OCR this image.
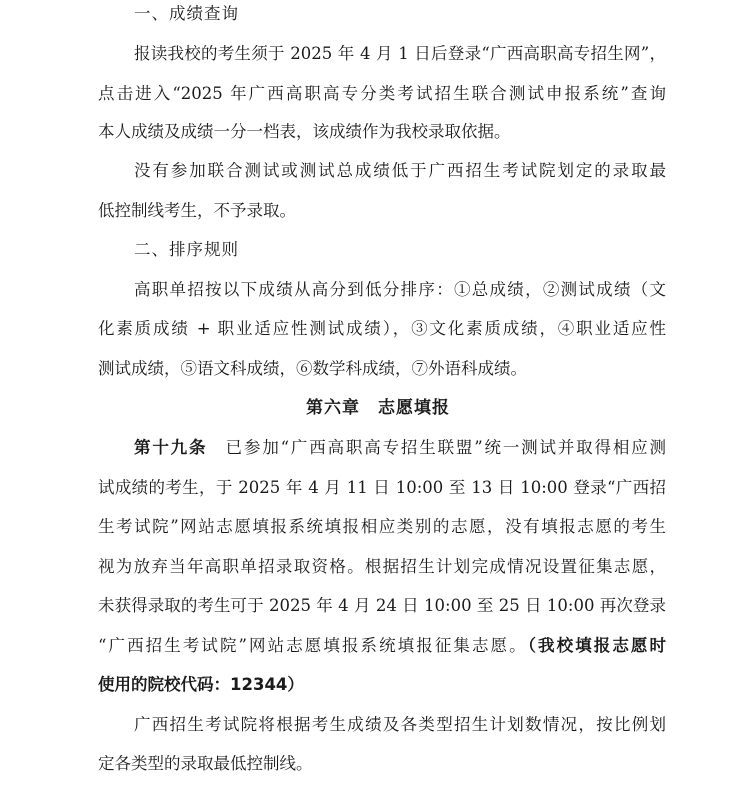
一、成绩查询
报读我校的考生须于 2025 年 4 月 1 日后登录“广西高职高专招生网”，
点击进入“2025 年广西高职高专分类考试招生联合测试申报系统”查询
本人成绩及成绩一分一档表，该成绩作为我校录取依据。
没有参加联合测试或测试总成绩低于广西招生考试院划定的录取最
低控制线考生，不予录取。
二、排序规则
高职单招按以下成绩从高分到低分排序：①总成绩，②测试成绩（文
化素质成绩 + 职业适应性测试成绩），③文化素质成绩，④职业适应性
测试成绩，⑤语文科成绩，⑥数学科成绩，⑦外语科成绩。
第六章　志愿填报
第十九条　 已参加“广西高职高专招生联盟”统一测试并取得相应测
试成绩的考生，于 2025 年 4 月 11 日 10:00 至 13 日 10:00 登录“广西招
生考试院”网站志愿填报系统填报相应类别的志愿，没有填报志愿的考生
视为放弃当年高职单招录取资格。根据招生计划完成情况设置征集志愿，
未获得录取的考生可于 2025 年 4 月 24 日 10:00 至 25 日 10:00 再次登录
“广西招生考试院”网站志愿填报系统填报征集志愿。（我校填报志愿时
使用的院校代码：12344）
广西招生考试院将根据考生成绩及各类型招生计划数情况，按比例划
定各类型的录取最低控制线。
